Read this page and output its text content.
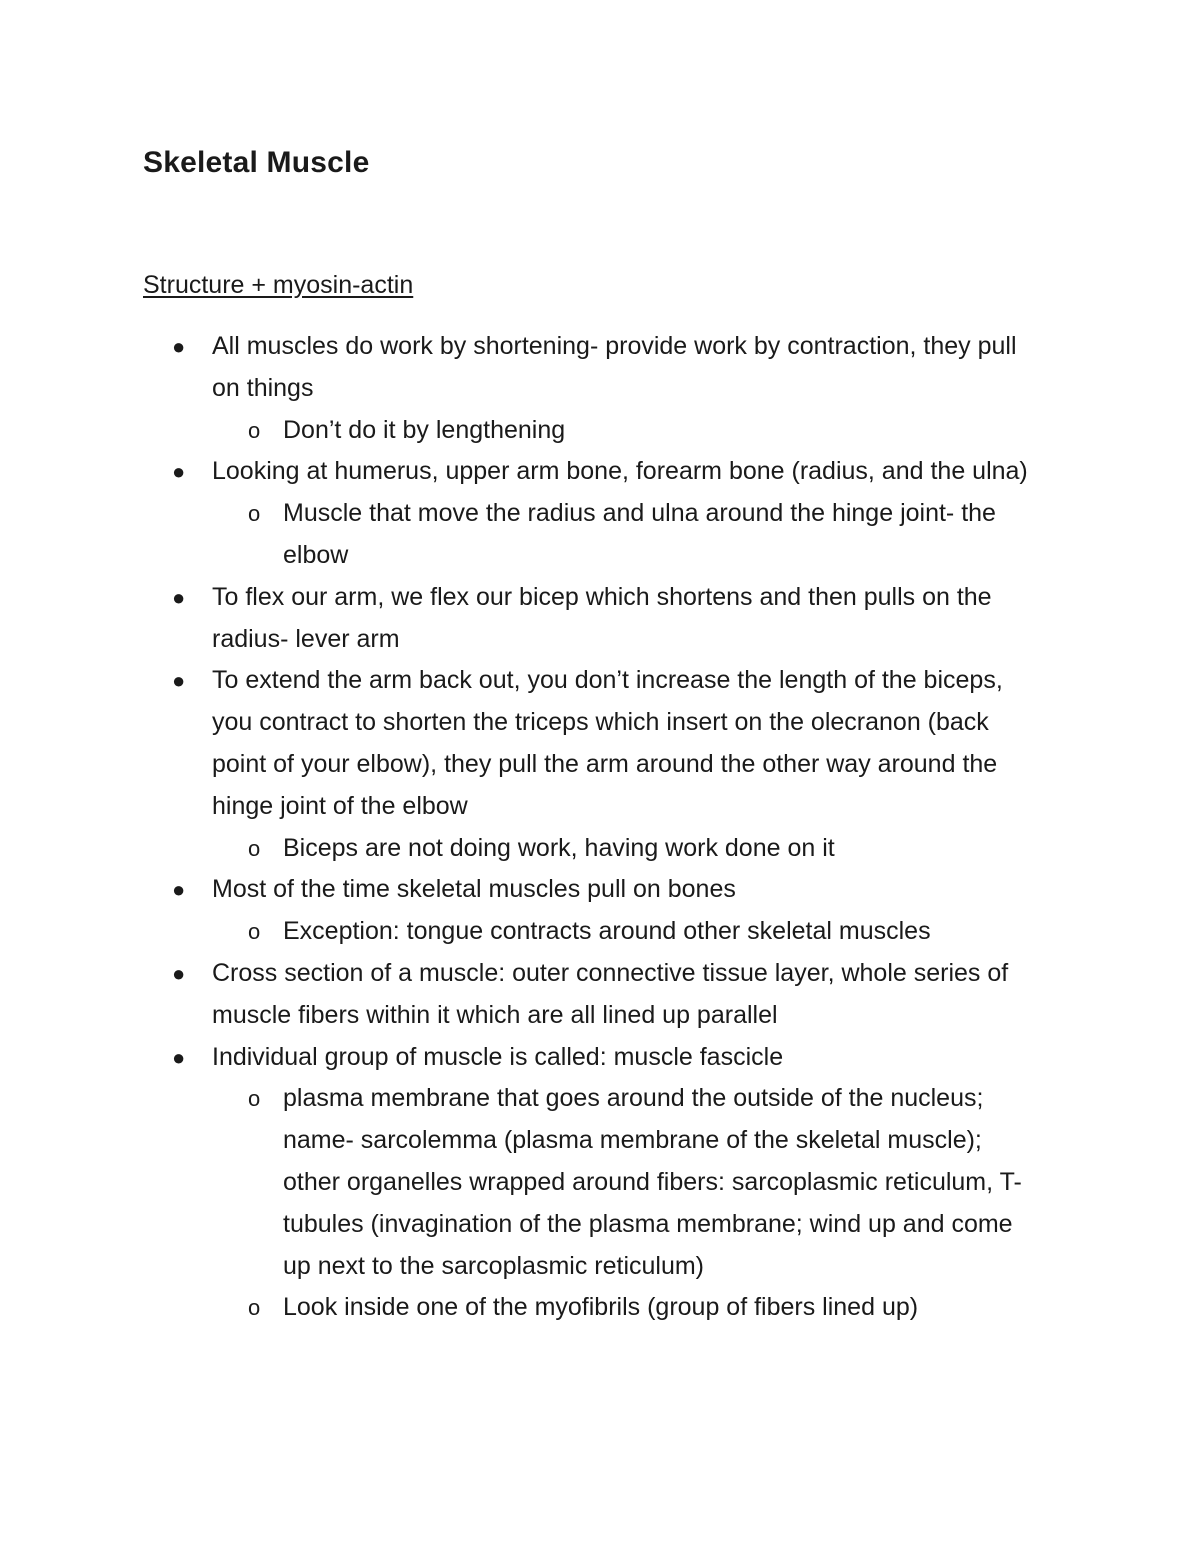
Skeletal Muscle
Structure + myosin-actin
● All muscles do work by shortening- provide work by contraction, they pull on things
o Don’t do it by lengthening
● Looking at humerus, upper arm bone, forearm bone (radius, and the ulna)
o Muscle that move the radius and ulna around the hinge joint- the elbow
● To flex our arm, we flex our bicep which shortens and then pulls on the radius- lever arm
● To extend the arm back out, you don’t increase the length of the biceps, you contract to shorten the triceps which insert on the olecranon (back point of your elbow), they pull the arm around the other way around the hinge joint of the elbow
o Biceps are not doing work, having work done on it
● Most of the time skeletal muscles pull on bones
o Exception: tongue contracts around other skeletal muscles
● Cross section of a muscle: outer connective tissue layer, whole series of muscle fibers within it which are all lined up parallel
● Individual group of muscle is called: muscle fascicle
o plasma membrane that goes around the outside of the nucleus; name- sarcolemma (plasma membrane of the skeletal muscle); other organelles wrapped around fibers: sarcoplasmic reticulum, T-tubules (invagination of the plasma membrane; wind up and come up next to the sarcoplasmic reticulum)
o Look inside one of the myofibrils (group of fibers lined up)
